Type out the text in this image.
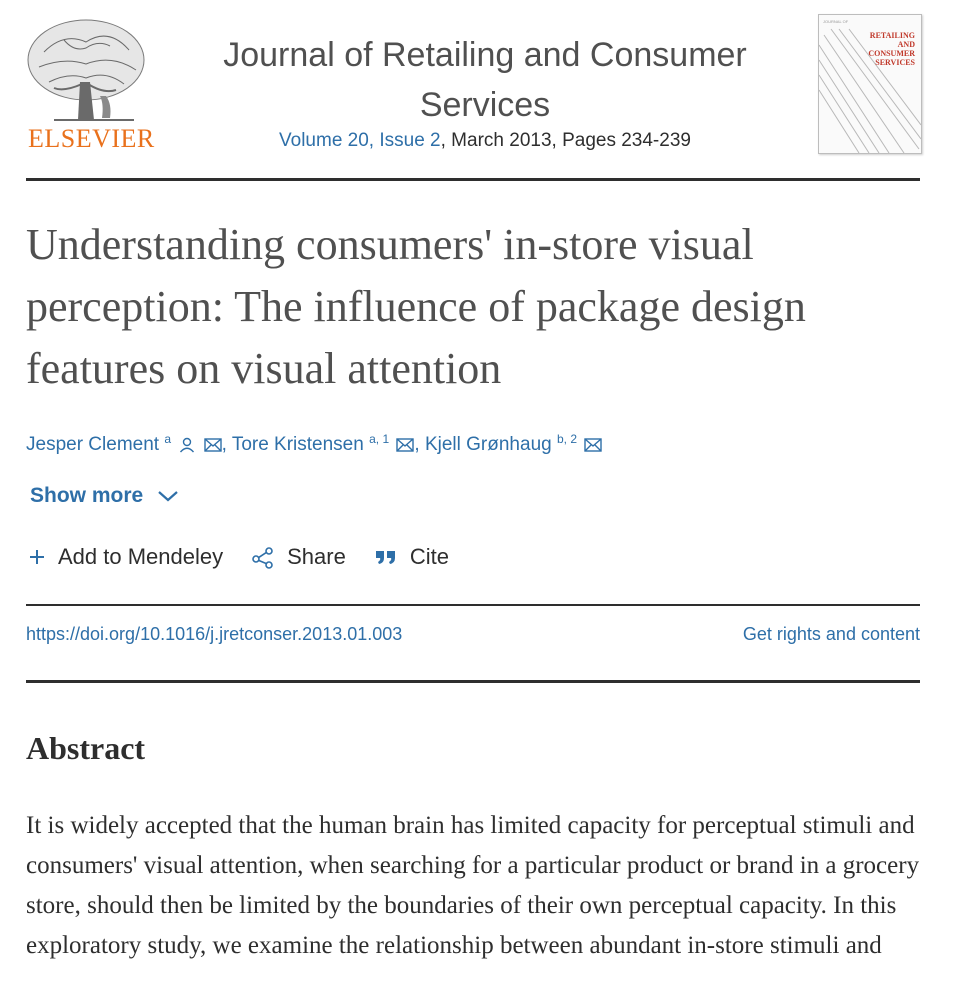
ELSEVIER
Journal of Retailing and Consumer Services
Volume 20, Issue 2, March 2013, Pages 234-239
JOURNAL OF
RETAILING AND CONSUMER SERVICES
Understanding consumers' in-store visual perception: The influence of package design features on visual attention
Jesper Clement $^a$	, Tore Kristensen $^{a, 1}$ , Kjell Grønhaug $^{b, 2}$
Show more
Add to Mendeley	Share	Cite
https://doi.org/10.1016/j.jretconser.2013.01.003	Get rights and content
Abstract

It is widely accepted that the human brain has limited capacity for perceptual stimuli and consumers' visual attention, when searching for a particular product or brand in a grocery store, should then be limited by the boundaries of their own perceptual capacity. In this exploratory study, we examine the relationship between abundant in-store stimuli and
